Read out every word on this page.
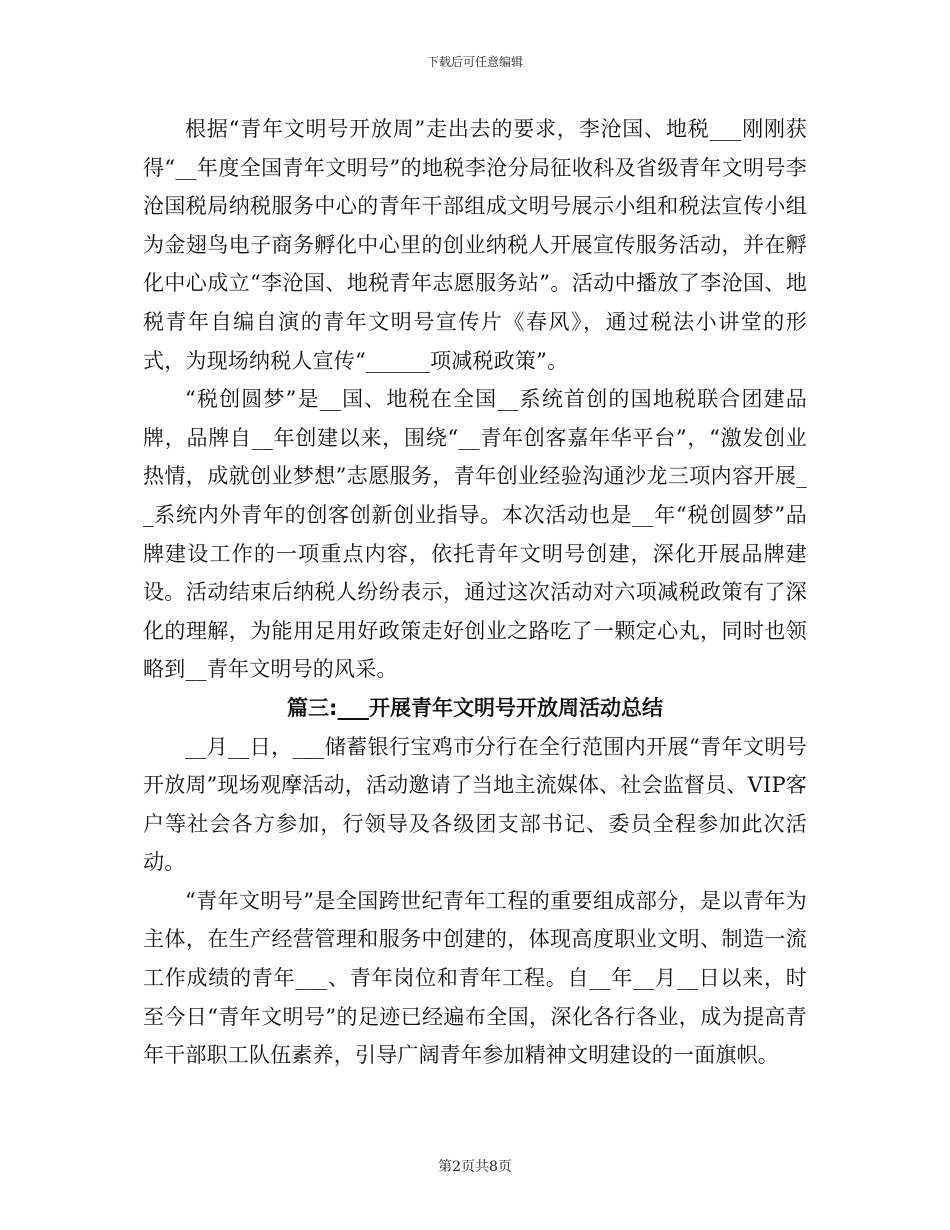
下载后可任意编辑

根据“青年文明号开放周”走出去的要求，李沧国、地税___刚刚获得“__年度全国青年文明号”的地税李沧分局征收科及省级青年文明号李沧国税局纳税服务中心的青年干部组成文明号展示小组和税法宣传小组为金翅鸟电子商务孵化中心里的创业纳税人开展宣传服务活动，并在孵化中心成立“李沧国、地税青年志愿服务站”。活动中播放了李沧国、地税青年自编自演的青年文明号宣传片《春风》，通过税法小讲堂的形式，为现场纳税人宣传“______项减税政策”。

“税创圆梦”是__国、地税在全国__系统首创的国地税联合团建品牌，品牌自__年创建以来，围绕“__青年创客嘉年华平台”，“激发创业热情，成就创业梦想”志愿服务，青年创业经验沟通沙龙三项内容开展__系统内外青年的创客创新创业指导。本次活动也是__年“税创圆梦”品牌建设工作的一项重点内容，依托青年文明号创建，深化开展品牌建设。活动结束后纳税人纷纷表示，通过这次活动对六项减税政策有了深化的理解，为能用足用好政策走好创业之路吃了一颗定心丸，同时也领略到__青年文明号的风采。

篇三:___开展青年文明号开放周活动总结

__月__日，___储蓄银行宝鸡市分行在全行范围内开展“青年文明号开放周”现场观摩活动，活动邀请了当地主流媒体、社会监督员、VIP客户等社会各方参加，行领导及各级团支部书记、委员全程参加此次活动。

“青年文明号”是全国跨世纪青年工程的重要组成部分，是以青年为主体，在生产经营管理和服务中创建的，体现高度职业文明、制造一流工作成绩的青年___、青年岗位和青年工程。自__年__月__日以来，时至今日“青年文明号”的足迹已经遍布全国，深化各行各业，成为提高青年干部职工队伍素养，引导广阔青年参加精神文明建设的一面旗帜。

第2页共8页
